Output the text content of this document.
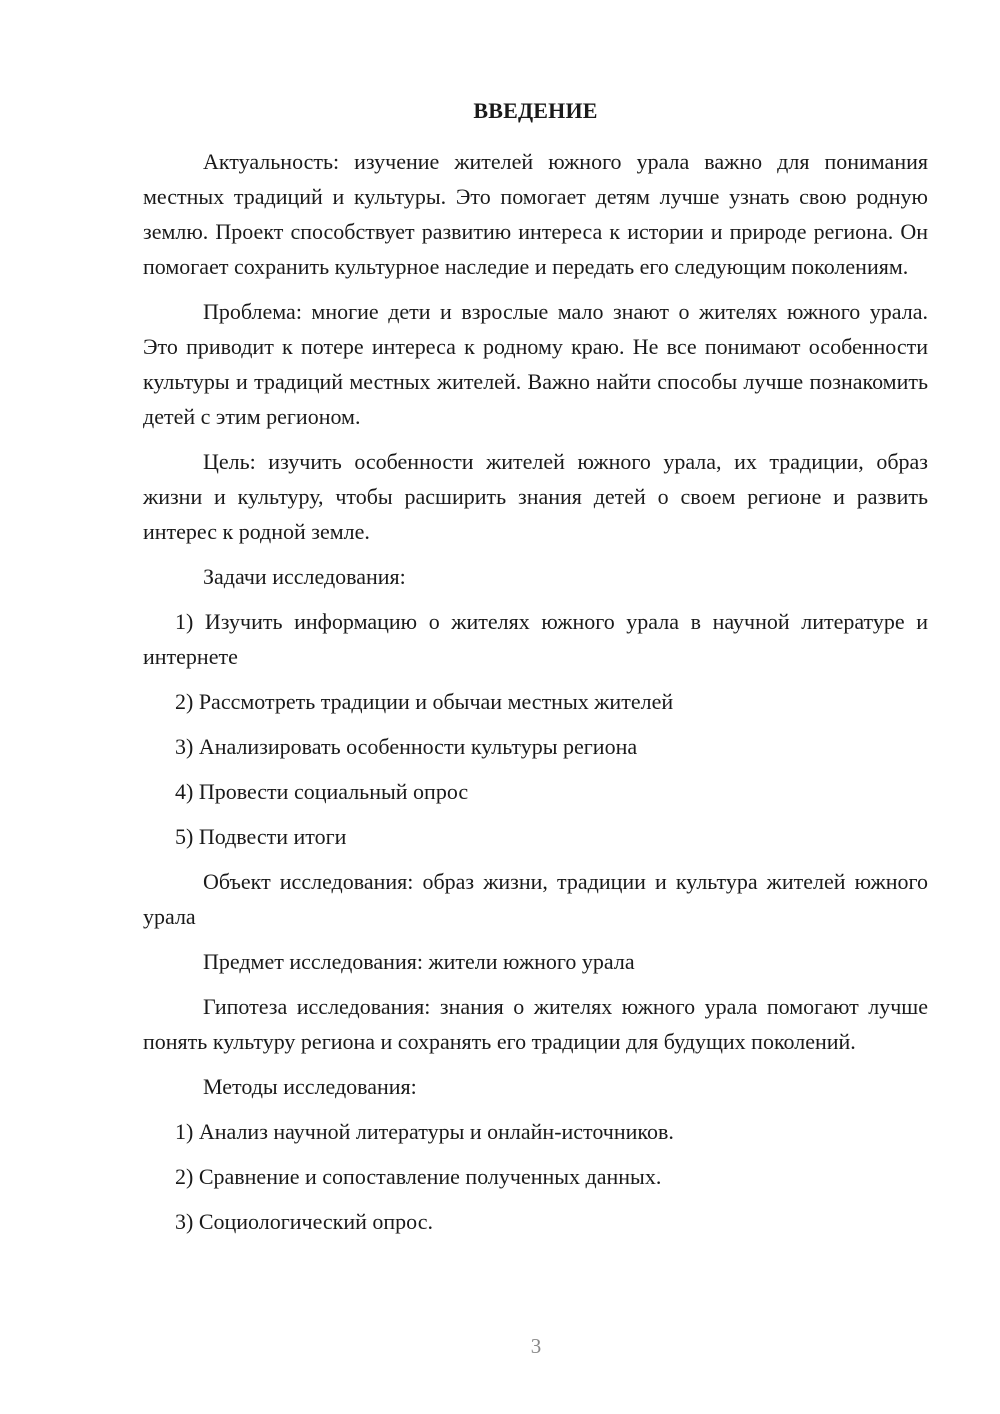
ВВЕДЕНИЕ

Актуальность: изучение жителей южного урала важно для понимания местных традиций и культуры. Это помогает детям лучше узнать свою родную землю. Проект способствует развитию интереса к истории и природе региона. Он помогает сохранить культурное наследие и передать его следующим поколениям.

Проблема: многие дети и взрослые мало знают о жителях южного урала. Это приводит к потере интереса к родному краю. Не все понимают особенности культуры и традиций местных жителей. Важно найти способы лучше познакомить детей с этим регионом.

Цель: изучить особенности жителей южного урала, их традиции, образ жизни и культуру, чтобы расширить знания детей о своем регионе и развить интерес к родной земле.

Задачи исследования:

1) Изучить информацию о жителях южного урала в научной литературе и интернете

2) Рассмотреть традиции и обычаи местных жителей

3) Анализировать особенности культуры региона

4) Провести социальный опрос

5) Подвести итоги

Объект исследования: образ жизни, традиции и культура жителей южного урала

Предмет исследования: жители южного урала

Гипотеза исследования: знания о жителях южного урала помогают лучше понять культуру региона и сохранять его традиции для будущих поколений.

Методы исследования:

1) Анализ научной литературы и онлайн-источников.

2) Сравнение и сопоставление полученных данных.

3) Социологический опрос.

3
